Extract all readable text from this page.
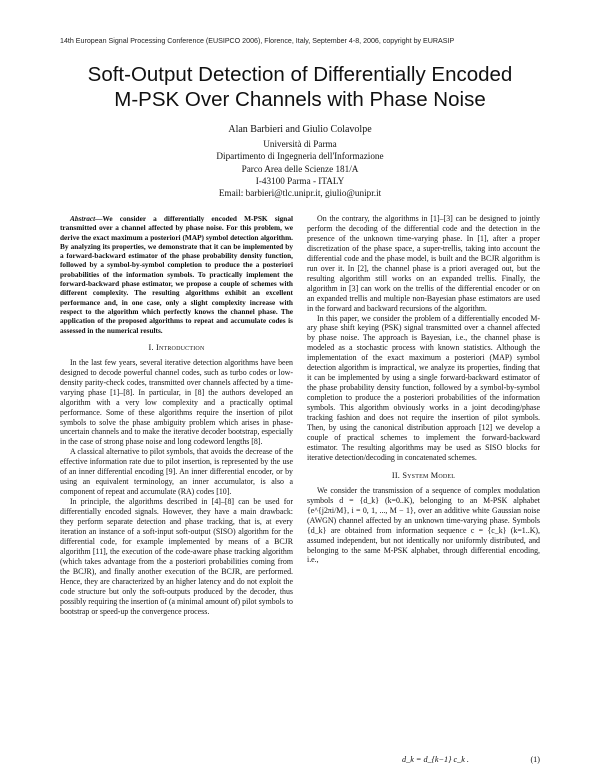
14th European Signal Processing Conference (EUSIPCO 2006), Florence, Italy, September 4-8, 2006, copyright by EURASIP
Soft-Output Detection of Differentially Encoded
M-PSK Over Channels with Phase Noise
Alan Barbieri and Giulio Colavolpe
Università di Parma
Dipartimento di Ingegneria dell'Informazione
Parco Area delle Scienze 181/A
I-43100 Parma - ITALY
Email: barbieri@tlc.unipr.it, giulio@unipr.it

Abstract—We consider a differentially encoded M-PSK signal transmitted over a channel affected by phase noise. For this problem, we derive the exact maximum a posteriori (MAP) symbol detection algorithm. By analyzing its properties, we demonstrate that it can be implemented by a forward-backward estimator of the phase probability density function, followed by a symbol-by-symbol completion to produce the a posteriori probabilities of the information symbols. To practically implement the forward-backward phase estimator, we propose a couple of schemes with different complexity. The resulting algorithms exhibit an excellent performance and, in one case, only a slight complexity increase with respect to the algorithm which perfectly knows the channel phase. The application of the proposed algorithms to repeat and accumulate codes is assessed in the numerical results.

I. Introduction

In the last few years, several iterative detection algorithms have been designed to decode powerful channel codes, such as turbo codes or low-density parity-check codes, transmitted over channels affected by a time-varying phase [1]–[8]. In particular, in [8] the authors developed an algorithm with a very low complexity and a practically optimal performance. Some of these algorithms require the insertion of pilot symbols to solve the phase ambiguity problem which arises in phase-uncertain channels and to make the iterative decoder bootstrap, especially in the case of strong phase noise and long codeword lengths [8].

A classical alternative to pilot symbols, that avoids the decrease of the effective information rate due to pilot insertion, is represented by the use of an inner differential encoding [9]. An inner differential encoder, or by using an equivalent terminology, an inner accumulator, is also a component of repeat and accumulate (RA) codes [10].

In principle, the algorithms described in [4]–[8] can be used for differentially encoded signals. However, they have a main drawback: they perform separate detection and phase tracking, that is, at every iteration an instance of a soft-input soft-output (SISO) algorithm for the differential code, for example implemented by means of a BCJR algorithm [11], the execution of the code-aware phase tracking algorithm (which takes advantage from the a posteriori probabilities coming from the BCJR), and finally another execution of the BCJR, are performed. Hence, they are characterized by an higher latency and do not exploit the code structure but only the soft-outputs produced by the decoder, thus possibly requiring the insertion of (a minimal amount of) pilot symbols to bootstrap or speed-up the convergence process.

On the contrary, the algorithms in [1]–[3] can be designed to jointly perform the decoding of the differential code and the detection in the presence of the unknown time-varying phase. In [1], after a proper discretization of the phase space, a super-trellis, taking into account the differential code and the phase model, is built and the BCJR algorithm is run over it. In [2], the channel phase is a priori averaged out, but the resulting algorithm still works on an expanded trellis. Finally, the algorithm in [3] can work on the trellis of the differential encoder or on an expanded trellis and multiple non-Bayesian phase estimators are used in the forward and backward recursions of the algorithm.

In this paper, we consider the problem of a differentially encoded M-ary phase shift keying (PSK) signal transmitted over a channel affected by phase noise. The approach is Bayesian, i.e., the channel phase is modeled as a stochastic process with known statistics. Although the implementation of the exact maximum a posteriori (MAP) symbol detection algorithm is impractical, we analyze its properties, finding that it can be implemented by using a single forward-backward estimator of the phase probability density function, followed by a symbol-by-symbol completion to produce the a posteriori probabilities of the information symbols. This algorithm obviously works in a joint decoding/phase tracking fashion and does not require the insertion of pilot symbols. Then, by using the canonical distribution approach [12] we develop a couple of practical schemes to implement the forward-backward estimator. The resulting algorithms may be used as SISO blocks for iterative detection/decoding in concatenated schemes.

II. System Model

We consider the transmission of a sequence of complex modulation symbols d = {d_k} (k=0..K), belonging to an M-PSK alphabet {e^{j2πi/M}, i = 0, 1, ..., M − 1}, over an additive white Gaussian noise (AWGN) channel affected by an unknown time-varying phase. Symbols {d_k} are obtained from information sequence c = {c_k} (k=1..K), assumed independent, but not identically nor uniformly distributed, and belonging to the same M-PSK alphabet, through differential encoding, i.e.,

d_k = d_{k−1} c_k .	(1)
